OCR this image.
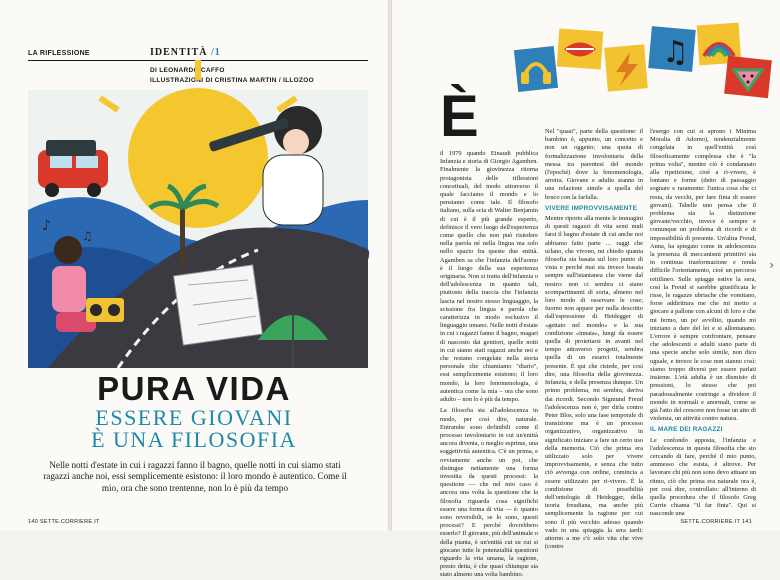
LA RIFLESSIONE	IDENTITÀ /1
DI LEONARDO CAFFO
ILLUSTRAZIONI DI CRISTINA MARTIN / ILLOZOO
♪
♫
PURA VIDA
ESSERE GIOVANI
È UNA FILOSOFIA
Nelle notti d'estate in cui i ragazzi fanno il bagno, quelle notti in cui siamo stati ragazzi anche noi, essi semplicemente esistono: il loro mondo è autentico. Come il mio, ora che sono trentenne, non lo è più da tempo
140 SETTE.CORRIERE.IT
♫
È

il 1979 quando Einaudi pubblica Infanzia e storia di Giorgio Agamben. Finalmente la giovinezza ritorna protagonista delle riflessioni concettuali, del modo attraverso il quale facciamo il mondo e lo pensiamo come tale. Il filosofo italiano, sulla scia di Walter Benjamin di cui è il più grande esperto, definisce il vero luogo dell'esperienza come quello che non può risiedere nella parola né nella lingua ma solo nello spazio fra queste due entità. Agamben sa che l'infanzia dell'uomo è il luogo della sua esperienza originaria. Non si tratta dell'infanzia o dell'adolescenza in quanto tali, piuttosto della traccia che l'infanzia lascia nel nostro stesso linguaggio, la scissione fra lingua e parola che caratterizza in modo esclusivo il linguaggio umano. Nelle notti d'estate in cui i ragazzi fanno il bagno, magari di nascosto dai genitori, quelle notti in cui siamo stati ragazzi anche noi e che restano congelate nella storia personale che chiamiamo "diario", essi semplicemente esistono; il loro mondo, la loro fenomenologia, è autentica come la mia – ora che sono adulto – non lo è più da tempo.

La filosofia sta all'adolescenza in modo, per così dire, naturale. Entrambe sono definibili come il processo involontario in cui un'entità ancora diventa, o meglio esprime, una soggettività autentica. C'è un prima, e ovviamente anche un poi, che distingue nettamente una forma investita da questi processi: la questione — che nel mio caso è ancora una volta la questione che la filosofia riguarda cosa significhi essere una forma di vita — è: quanto sono reversibili, se lo sono, questi processi? E perché dovrebbero esserlo? Il giovane, più dell'animale o della pianta, è un'entità cui su cui si giocano tutte le potenzialità questioni riguardo la vita umana, la ragione, presto detta, è che quasi chiunque sia stato almeno una volta bambino.

Nel "quasi", parte della questione: il bambino è, appunto, un concetto e non un oggetto; una quota di formalizzazione involontaria della messa tra parentesi del mondo (l'epoché) dove la fenomenologia, arretra. Giovane e adulto stanno in una relazione simile a quella del bruco con la farfalla.

VIVERE IMPROVVISAMENTE

Mentre riporto alla mente le immagini di questi ragazzi di vita semi nudi farsi il bagno d'estate di cui anche noi abbiamo fatto parte … raggi che urlano, che vivono, mi chiedo quanta filosofia sia basata sul loro punto di vista e perché mai sia invece basata sempre sull'istantanea che viene dal nostro: non ci sembra ci siano scompartimenti di sorta, almeno nel loro modo di osservare le cose; fuorno non appare per nulla descritto dall'espressione di Heidegger di «gettato nel mondo» e la sua condizione «innata», lungi da essere quella di proiettarsi in avanti nel tempo attraverso progetti, sembra quella di un esserci totalmente presente. È qui che risiede, per così dire, una filosofia della giovinezza. Infanzia, e della presenza dunque. Un primo problema, mi sembra, deriva dai ricordi. Secondo Sigmund Freud l'adolescenza non è, per dirla contro Peter Blos, solo una fase temporale di transizione ma è un processo organizzativo, organizzativo in significato iniziare a fare un certo uso della memoria. Ciò che prima era utilizzato solo per vivere improvvisamente, e senza che tutto ciò avvenga con ordine, comincia a essere utilizzato per ri-vivere. È la condizione di possibilità dell'ontologia di Heidegger, della teoria freudiana, ma anche più semplicemente la ragione per cui sono il più vecchio adesso quando vado in una spiaggia la sera tardi: attorno a me c'è solo vita che vive (contro

l'esergo con cui si aprono i Minima Moralia di Adorno), tendenzialmente congelata in quell'entità così filosoficamente complessa che è "la prima volta", mentre ciò è condannato alla ripetizione, cioè a ri-vivere, è lontano e forme (detto di paesaggio sognare e raramente: l'unica cosa che ci resta, da vecchi, per fare finta di essere giovani). Tabelle uno pensa che il problema sia la distinzione giovane/vecchio, invece è sempre e comunque un problema di ricordi e di impossibilità di presente. Un'altra Freud, Anna, ha spiegato come in adolescenza la presenza di meccanismi primitivi sia in continua trasformazione e renda difficile l'orientamento, cioè un percorso rettilineo. Sulle spiagge estive la sera, così la Freud si sarebbe giustificata le risse, le ragazze ubriache che vomitano, forse addirittura me che mi metto a giocare a pallone con alcuni di loro e che mi fermo, un po' avvilito, quando mi iniziano a dare del lei e si allontanano. L'errore è sempre confrontare, pensare che adolescenti e adulti siano parte di una specie anche solo simile, non dico uguale, e invece le cose non stanno così: siamo troppo diversi per essere parlati insieme. L'età adulta è un dismisto di pressioni, lo stesso che poi paradossalmente costringe a dividere il mondo in normali e anormali, come se già l'atto del crescere non fosse un atto di violenza, un attività contro natura.

IL MARE DEI RAGAZZI

Le confondo apposta, l'infanzia e l'adolescenza in questa filosofia che sto cercando di fare, perché il mio punto, ammesso che esista, è altrove. Per lavorare chi più non sono devo attuare un ritmo, ciò che prima era naturale ora è, per così dire, controllato: all'interno di quella procedura che il filosofo Greg Currie chiama "il far finta". Qui si nasconde una

SETTE.CORRIERE.IT 141
›
